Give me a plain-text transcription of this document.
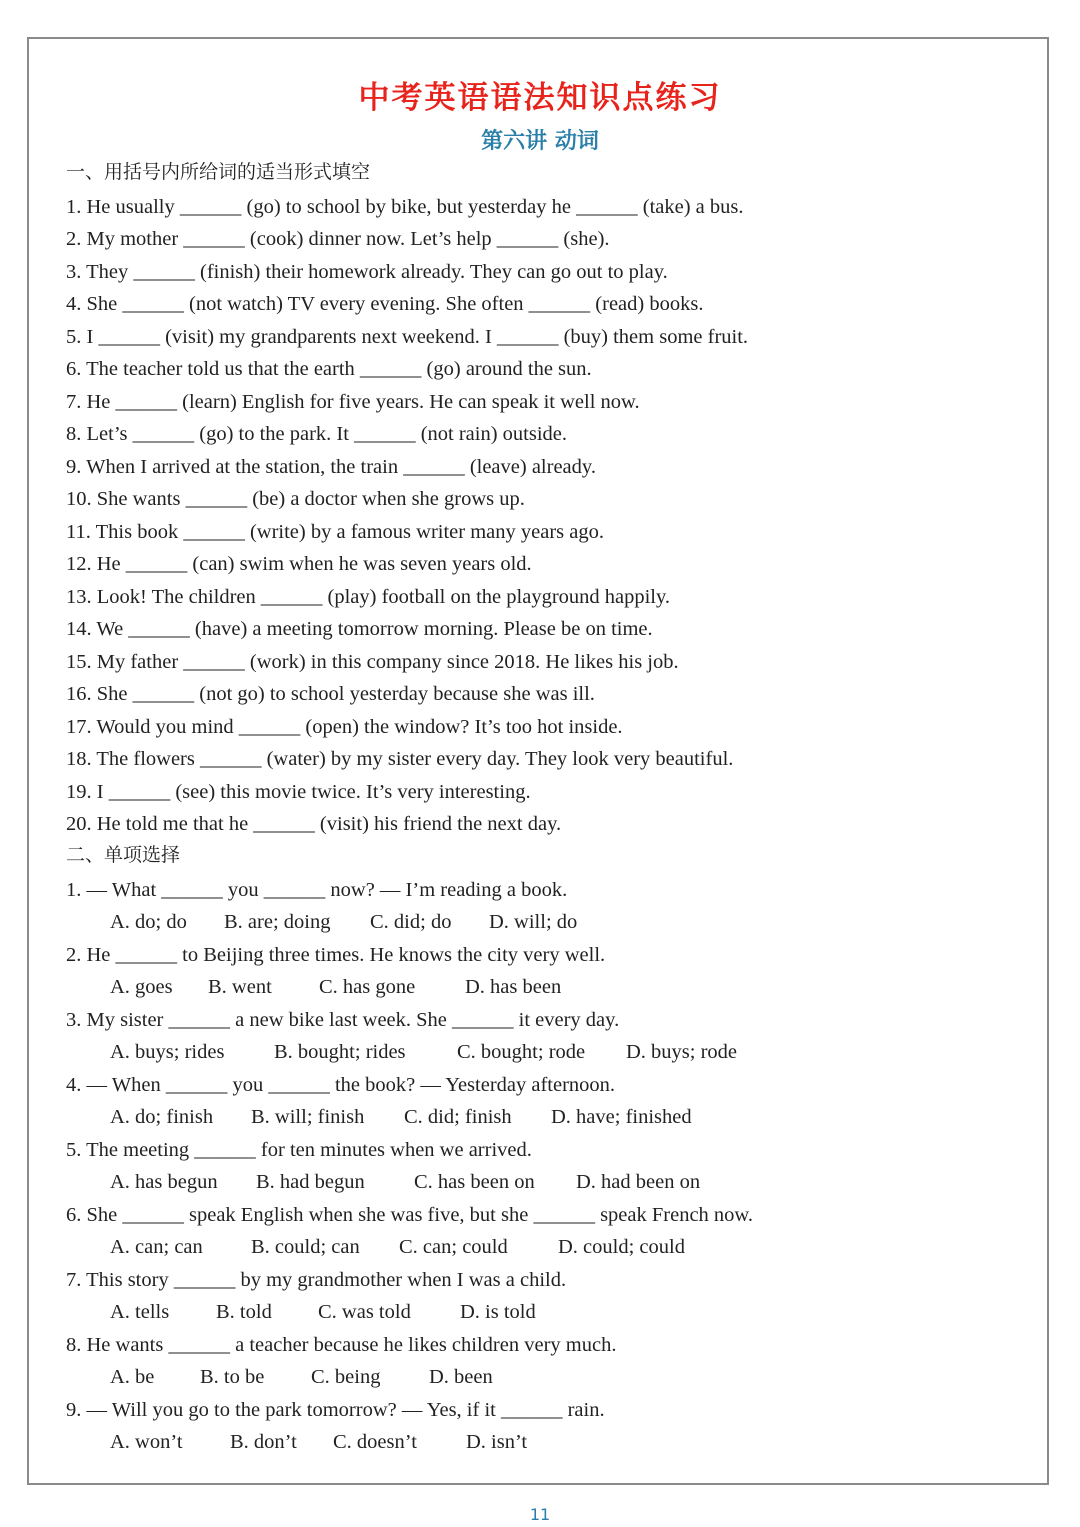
中考英语语法知识点练习
第六讲 动词

一、用括号内所给词的适当形式填空

1. He usually ______ (go) to school by bike, but yesterday he ______ (take) a bus.

2. My mother ______ (cook) dinner now. Let’s help ______ (she).

3. They ______ (finish) their homework already. They can go out to play.

4. She ______ (not watch) TV every evening. She often ______ (read) books.

5. I ______ (visit) my grandparents next weekend. I ______ (buy) them some fruit.

6. The teacher told us that the earth ______ (go) around the sun.

7. He ______ (learn) English for five years. He can speak it well now.

8. Let’s ______ (go) to the park. It ______ (not rain) outside.

9. When I arrived at the station, the train ______ (leave) already.

10. She wants ______ (be) a doctor when she grows up.

11. This book ______ (write) by a famous writer many years ago.

12. He ______ (can) swim when he was seven years old.

13. Look! The children ______ (play) football on the playground happily.

14. We ______ (have) a meeting tomorrow morning. Please be on time.

15. My father ______ (work) in this company since 2018. He likes his job.

16. She ______ (not go) to school yesterday because she was ill.

17. Would you mind ______ (open) the window? It’s too hot inside.

18. The flowers ______ (water) by my sister every day. They look very beautiful.

19. I ______ (see) this movie twice. It’s very interesting.

20. He told me that he ______ (visit) his friend the next day.

二、单项选择

1. — What ______ you ______ now? — I’m reading a book.

A. do; do B. are; doing C. did; do D. will; do

2. He ______ to Beijing three times. He knows the city very well.

A. goes B. went C. has gone D. has been

3. My sister ______ a new bike last week. She ______ it every day.

A. buys; rides B. bought; rides	C. bought; rode D. buys; rode

4. — When ______ you ______ the book? — Yesterday afternoon.

A. do; finish B. will; finish C. did; finish D. have; finished

5. The meeting ______ for ten minutes when we arrived.

A. has begun B. had begun C. has been on D. had been on

6. She ______ speak English when she was five, but she ______ speak French now.

A. can; can B. could; can C. can; could D. could; could

7. This story ______ by my grandmother when I was a child.

A. tells B. told C. was told D. is told

8. He wants ______ a teacher because he likes children very much.

A. be B. to be C. being D. been

9. — Will you go to the park tomorrow? — Yes, if it ______ rain.

A. won’t B. don’t C. doesn’t D. isn’t

11
